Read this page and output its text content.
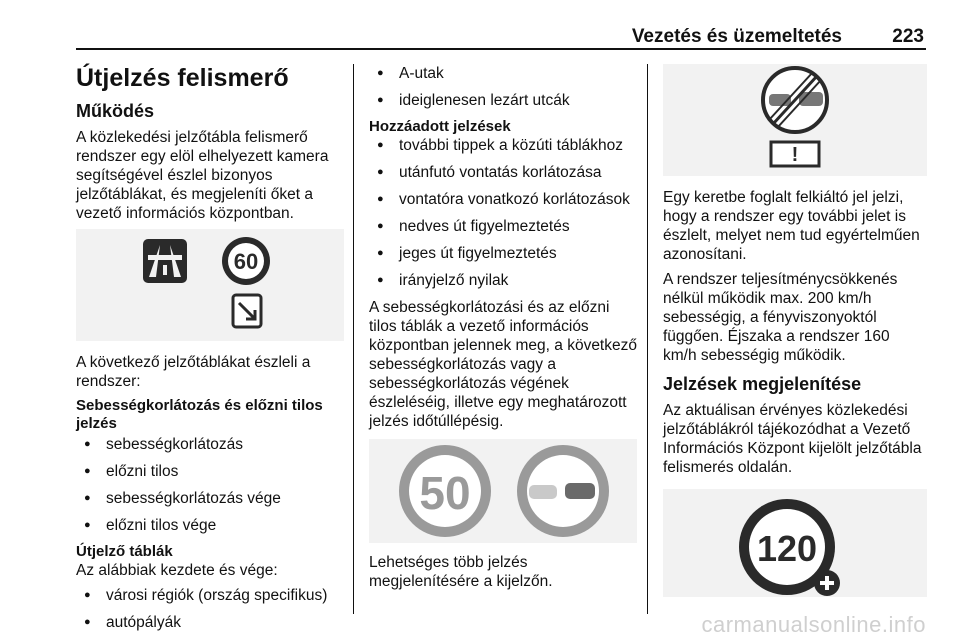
Vezetés és üzemeltetés	223
Útjelzés felismerő
Működés

A közlekedési jelzőtábla felismerő rendszer egy elöl elhelyezett kamera segítségével észlel bizonyos jelzőtáblákat, és megjeleníti őket a vezető információs központban.

60

A következő jelzőtáblákat észleli a rendszer:

Sebességkorlátozás és előzni tilos jelzés
● sebességkorlátozás
● előzni tilos
● sebességkorlátozás vége
● előzni tilos vége
Útjelző táblák

Az alábbiak kezdete és vége:

● városi régiók (ország specifikus)
● autópályák
● A-utak
● ideiglenesen lezárt utcák
Hozzáadott jelzések
● további tippek a közúti táblákhoz
● utánfutó vontatás korlátozása
● vontatóra vonatkozó korlátozások
● nedves út figyelmeztetés
● jeges út figyelmeztetés
● irányjelző nyilak

A sebességkorlátozási és az előzni tilos táblák a vezető információs központban jelennek meg, a következő sebességkorlátozás vagy a sebességkorlátozás végének észleléséig, illetve egy meghatározott jelzés időtúllépésig.

50

Lehetséges több jelzés megjelenítésére a kijelzőn.

!

Egy keretbe foglalt felkiáltó jel jelzi, hogy a rendszer egy további jelet is észlelt, melyet nem tud egyértelműen azonosítani.

A rendszer teljesítménycsökkenés nélkül működik max. 200 km/h sebességig, a fényviszonyoktól függően. Éjszaka a rendszer 160 km/h sebességig működik.

Jelzések megjelenítése

Az aktuálisan érvényes közlekedési jelzőtáblákról tájékozódhat a Vezető Információs Központ kijelölt jelzőtábla felismerés oldalán.

120
carmanualsonline.info
